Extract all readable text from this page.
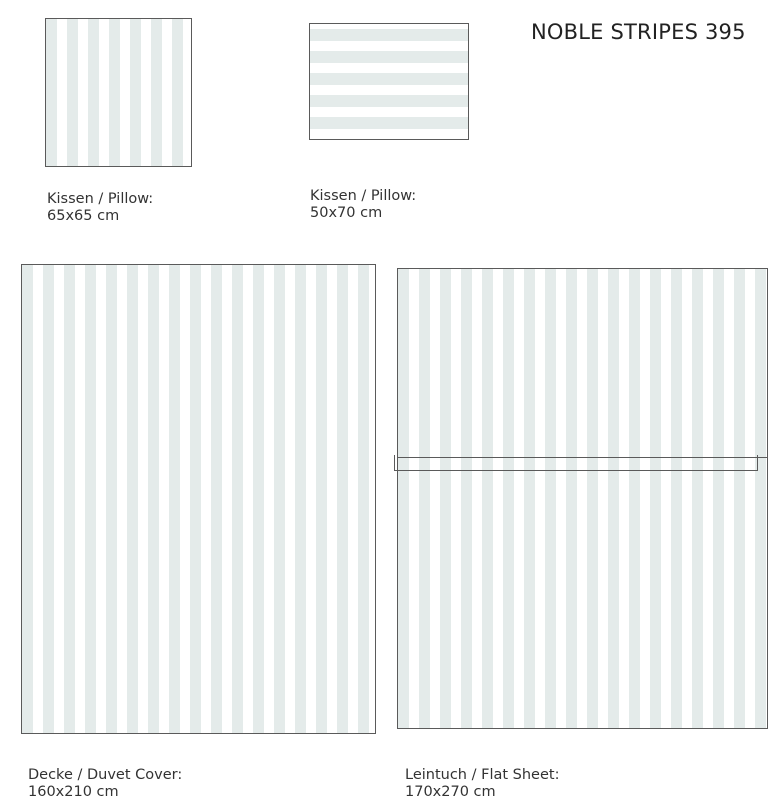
NOBLE STRIPES 395
Kissen / Pillow:
65x65 cm
Kissen / Pillow:
50x70 cm
Decke / Duvet Cover:
160x210 cm
Leintuch / Flat Sheet:
170x270 cm
